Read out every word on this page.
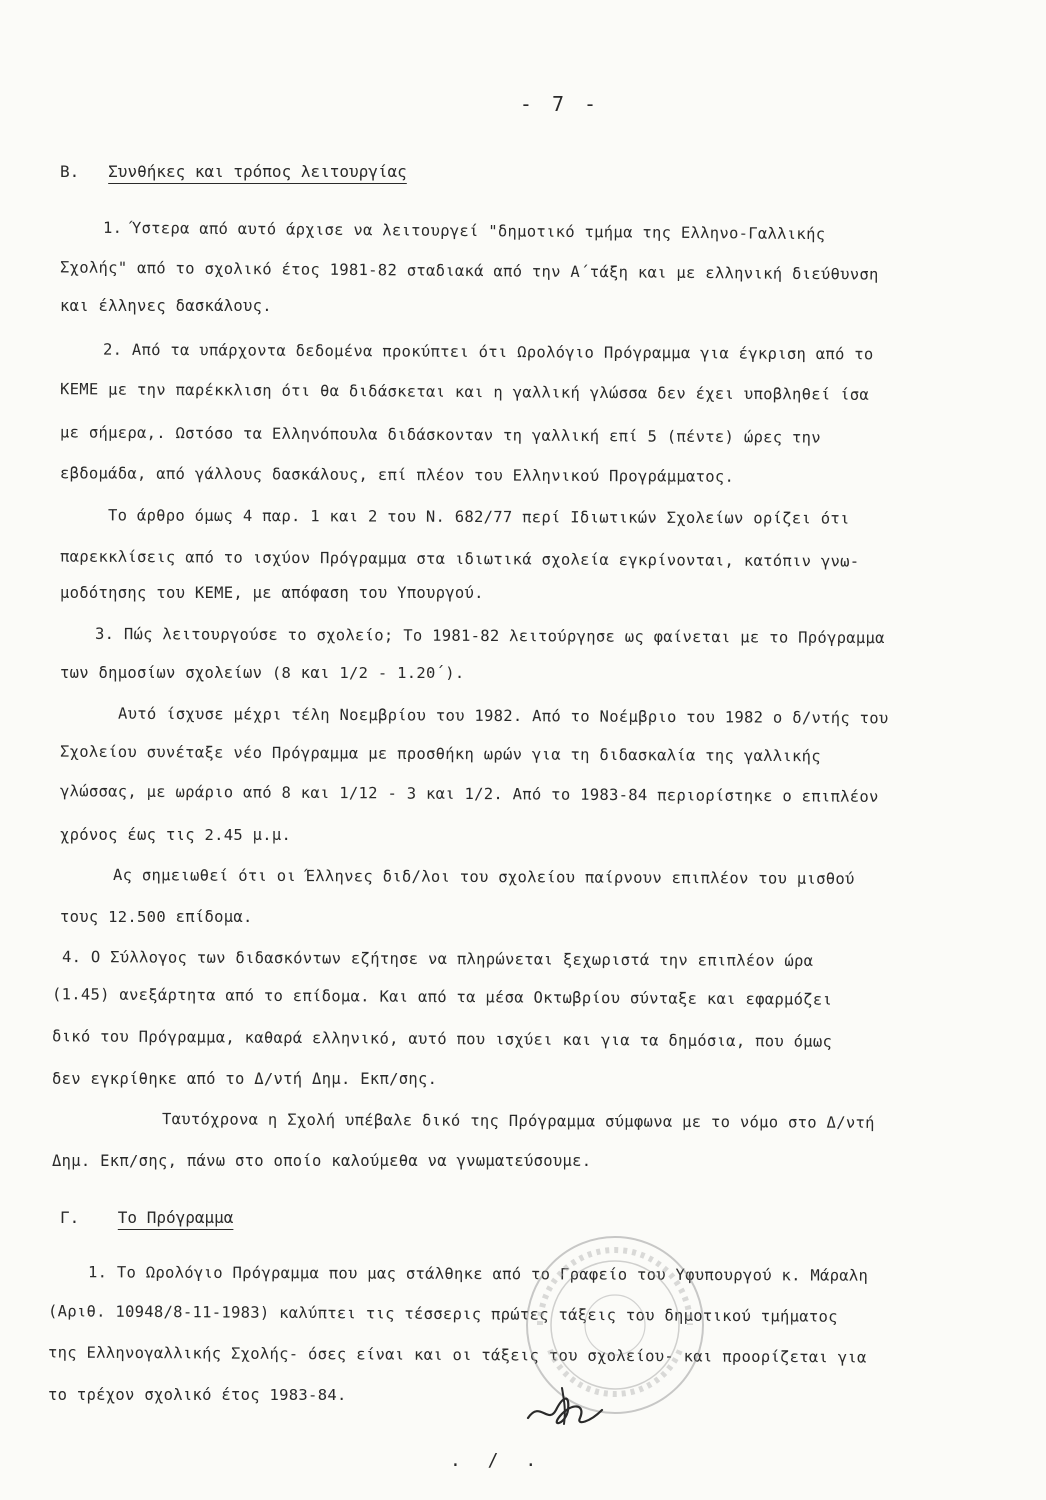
- 7 -
Β. Συνθήκες και τρόπος λειτουργίας
1. Ύστερα από αυτό άρχισε να λειτουργεί "δημοτικό τμήμα της Ελληνο-Γαλλικής
Σχολής" από το σχολικό έτος 1981-82 σταδιακά από την Α΄τάξη και με ελληνική διεύθυνση
και έλληνες δασκάλους.
2. Από τα υπάρχοντα δεδομένα προκύπτει ότι Ωρολόγιο Πρόγραμμα για έγκριση από το
ΚΕΜΕ με την παρέκκλιση ότι θα διδάσκεται και η γαλλική γλώσσα δεν έχει υποβληθεί ίσα
με σήμερα,. Ωστόσο τα Ελληνόπουλα διδάσκονταν τη γαλλική επί 5 (πέντε) ώρες την
εβδομάδα, από γάλλους δασκάλους, επί πλέον του Ελληνικού Προγράμματος.
Το άρθρο όμως 4 παρ. 1 και 2 του Ν. 682/77 περί Ιδιωτικών Σχολείων ορίζει ότι
παρεκκλίσεις από το ισχύον Πρόγραμμα στα ιδιωτικά σχολεία εγκρίνονται, κατόπιν γνω-
μοδότησης του ΚΕΜΕ, με απόφαση του Υπουργού.
3. Πώς λειτουργούσε το σχολείο; Το 1981-82 λειτούργησε ως φαίνεται με το Πρόγραμμα
των δημοσίων σχολείων (8 και 1/2 - 1.20΄).
Αυτό ίσχυσε μέχρι τέλη Νοεμβρίου του 1982. Από το Νοέμβριο του 1982 ο δ/ντής του
Σχολείου συνέταξε νέο Πρόγραμμα με προσθήκη ωρών για τη διδασκαλία της γαλλικής
γλώσσας, με ωράριο από 8 και 1/12 - 3 και 1/2. Από το 1983-84 περιορίστηκε ο επιπλέον
χρόνος έως τις 2.45 μ.μ.
Ας σημειωθεί ότι οι Έλληνες διδ/λοι του σχολείου παίρνουν επιπλέον του μισθού
τους 12.500 επίδομα.
4. Ο Σύλλογος των διδασκόντων εζήτησε να πληρώνεται ξεχωριστά την επιπλέον ώρα
(1.45) ανεξάρτητα από το επίδομα. Και από τα μέσα Οκτωβρίου σύνταξε και εφαρμόζει
δικό του Πρόγραμμα, καθαρά ελληνικό, αυτό που ισχύει και για τα δημόσια, που όμως
δεν εγκρίθηκε από το Δ/ντή Δημ. Εκπ/σης.
Ταυτόχρονα η Σχολή υπέβαλε δικό της Πρόγραμμα σύμφωνα με το νόμο στο Δ/ντή
Δημ. Εκπ/σης, πάνω στο οποίο καλούμεθα να γνωματεύσουμε.
Γ. Το Πρόγραμμα
1. Το Ωρολόγιο Πρόγραμμα που μας στάλθηκε από το Γραφείο του Υφυπουργού κ. Μάραλη
(Αριθ. 10948/8-11-1983) καλύπτει τις τέσσερις πρώτες τάξεις του δημοτικού τμήματος
της Ελληνογαλλικής Σχολής- όσες είναι και οι τάξεις του σχολείου- και προορίζεται για
το τρέχον σχολικό έτος 1983-84.
. / .
